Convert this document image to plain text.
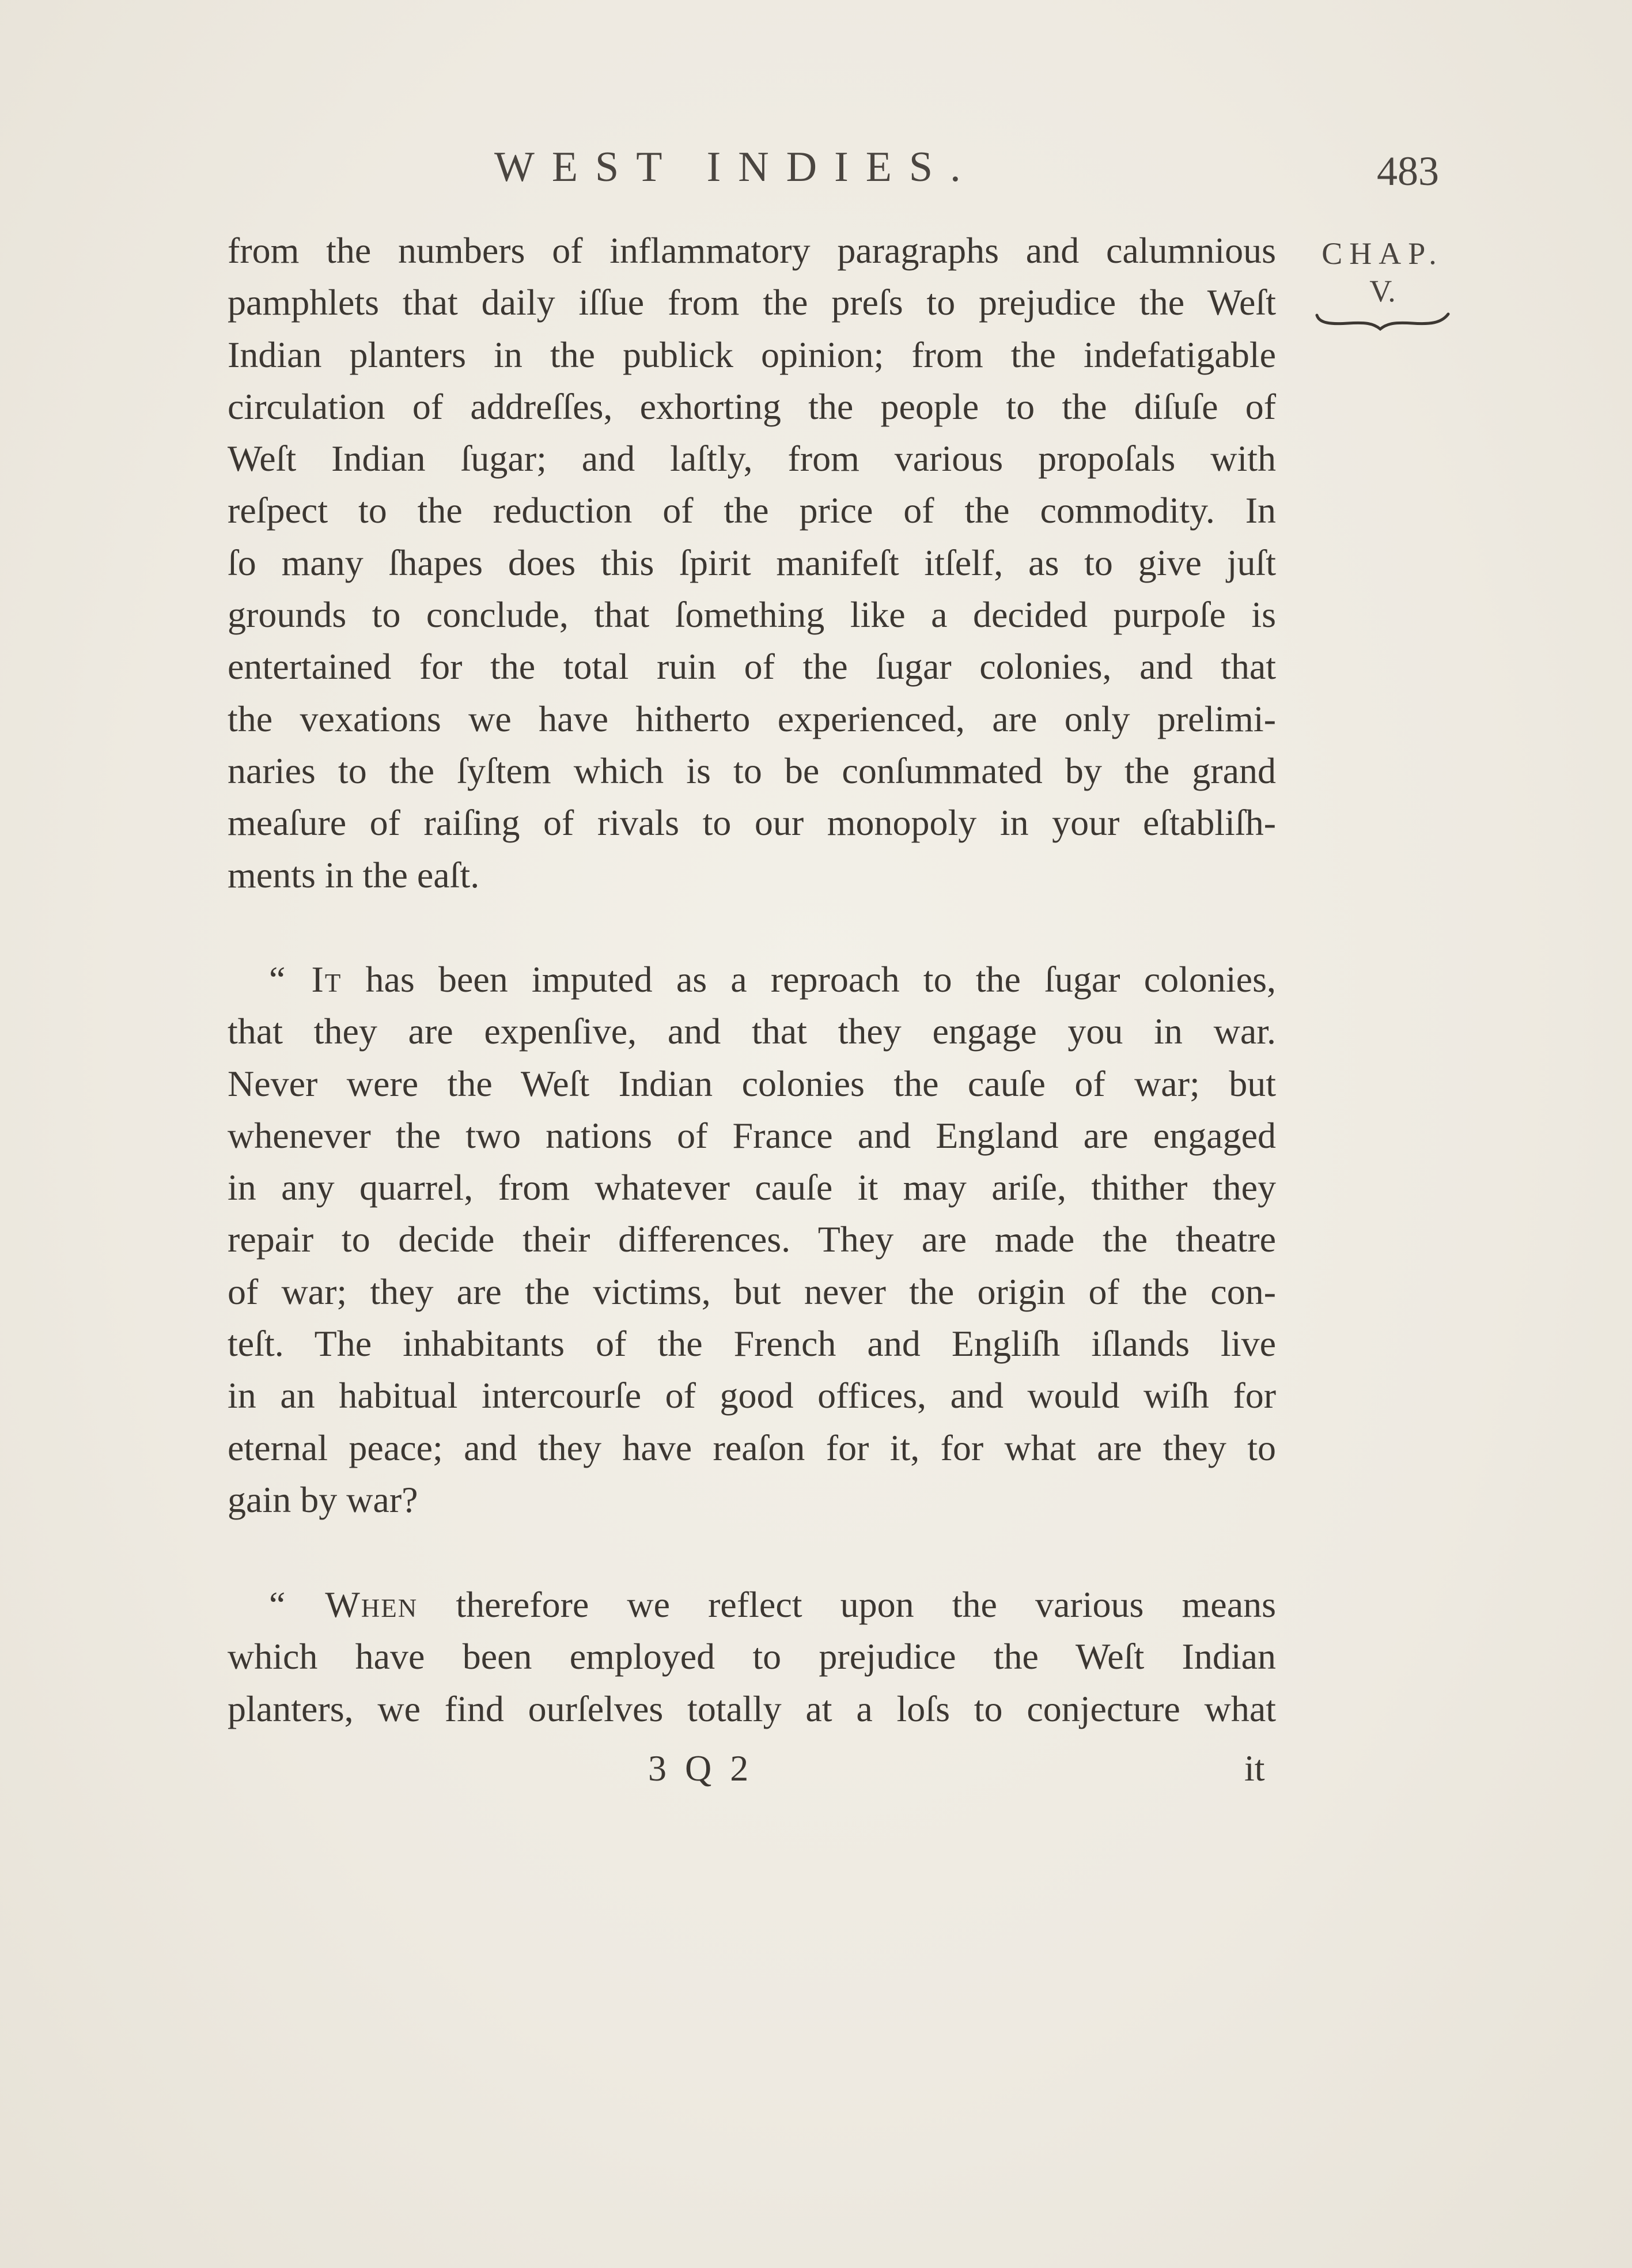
WEST INDIES.	483
CHAP.
V.
from the numbers of inflammatory paragraphs and calumnious
pamphlets that daily iſſue from the preſs to prejudice the Weſt
Indian planters in the publick opinion; from the indefatigable
circulation of addreſſes, exhorting the people to the diſuſe of
Weſt Indian ſugar; and laſtly, from various propoſals with
reſpect to the reduction of the price of the commodity. In
ſo many ſhapes does this ſpirit manifeſt itſelf, as to give juſt
grounds to conclude, that ſomething like a decided purpoſe is
entertained for the total ruin of the ſugar colonies, and that
the vexations we have hitherto experienced, are only prelimi-
naries to the ſyſtem which is to be conſummated by the grand
meaſure of raiſing of rivals to our monopoly in your eſtabliſh-
ments in the eaſt.
“ It has been imputed as a reproach to the ſugar colonies,
that they are expenſive, and that they engage you in war.
Never were the Weſt Indian colonies the cauſe of war; but
whenever the two nations of France and England are engaged
in any quarrel, from whatever cauſe it may ariſe, thither they
repair to decide their differences. They are made the theatre
of war; they are the victims, but never the origin of the con-
teſt. The inhabitants of the French and Engliſh iſlands live
in an habitual intercourſe of good offices, and would wiſh for
eternal peace; and they have reaſon for it, for what are they to
gain by war?
“ When therefore we reflect upon the various means
which have been employed to prejudice the Weſt Indian
planters, we find ourſelves totally at a loſs to conjecture what
3 Q 2	it
